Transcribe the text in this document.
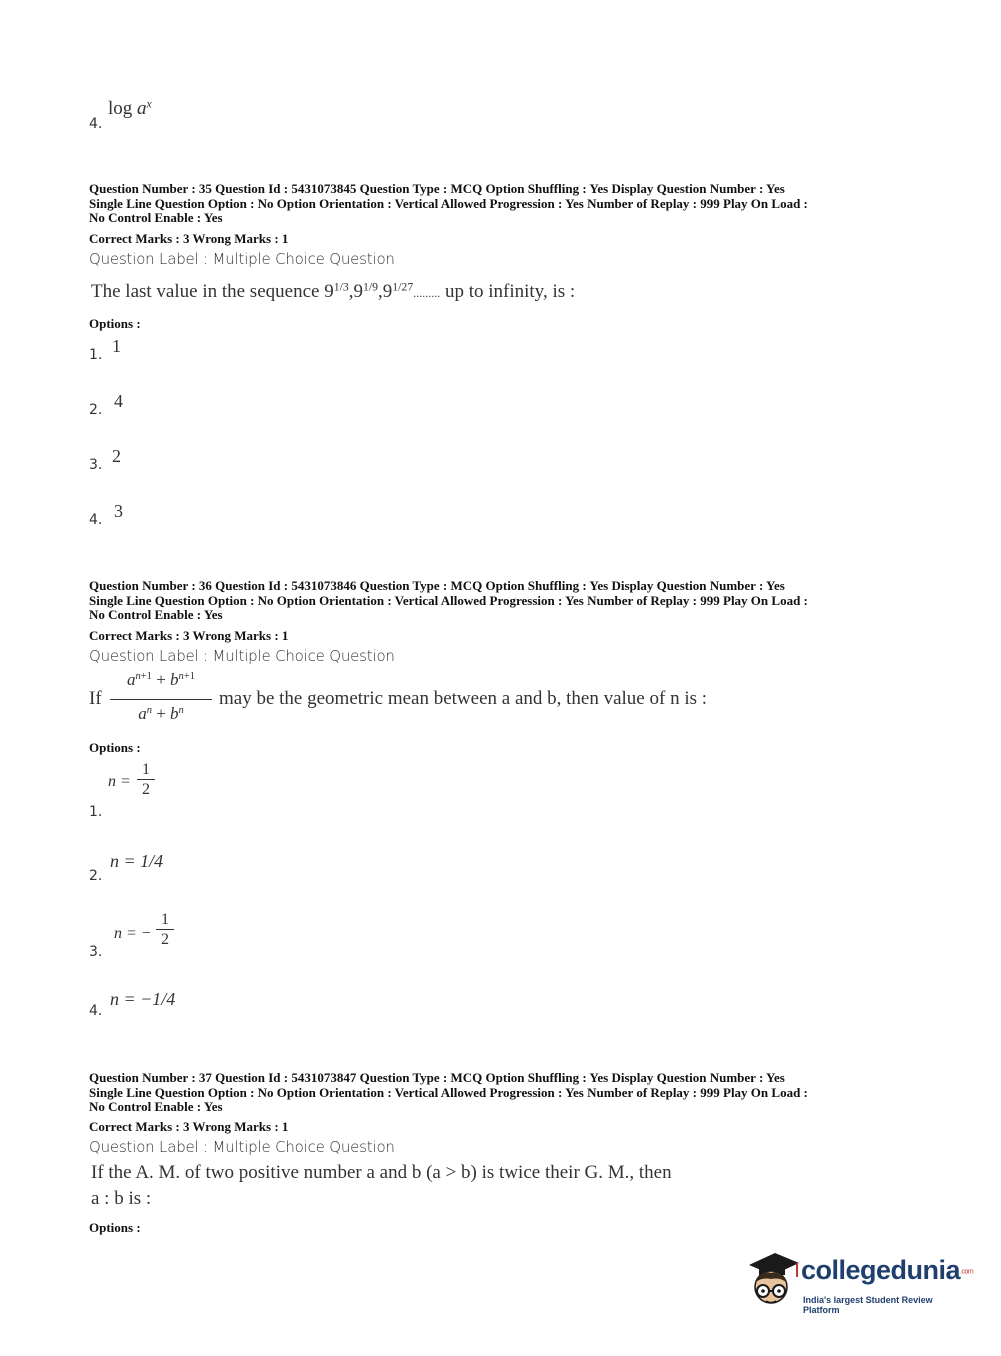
4.
$\log a^x$
Question Number : 35 Question Id : 5431073845 Question Type : MCQ Option Shuffling : Yes Display Question Number : Yes
Single Line Question Option : No Option Orientation : Vertical Allowed Progression : Yes Number of Replay : 999 Play On Load :
No Control Enable : Yes
Correct Marks : 3 Wrong Marks : 1
Question Label : Multiple Choice Question
The last value in the sequence $9^{1/3},9^{1/9},9^{1/27}$......... up to infinity, is :
Options :
1. 1
2. 4
3. 2
4. 3
Question Number : 36 Question Id : 5431073846 Question Type : MCQ Option Shuffling : Yes Display Question Number : Yes
Single Line Question Option : No Option Orientation : Vertical Allowed Progression : Yes Number of Replay : 999 Play On Load :
No Control Enable : Yes
Correct Marks : 3 Wrong Marks : 1
Question Label : Multiple Choice Question
If
$a^{n+1} + b^{n+1}$
$a^n + b^n$
may be the geometric mean between a and b, then value of n is :
Options :
1.
n =
1
2
2.
n = 1/4
3.
n = −
1
2
4.
n = −1/4
Question Number : 37 Question Id : 5431073847 Question Type : MCQ Option Shuffling : Yes Display Question Number : Yes
Single Line Question Option : No Option Orientation : Vertical Allowed Progression : Yes Number of Replay : 999 Play On Load :
No Control Enable : Yes
Correct Marks : 3 Wrong Marks : 1
Question Label : Multiple Choice Question
If the A. M. of two positive number a and b (a > b) is twice their G. M., then
a : b is :
Options :
collegedunia.com
India's largest Student Review Platform
